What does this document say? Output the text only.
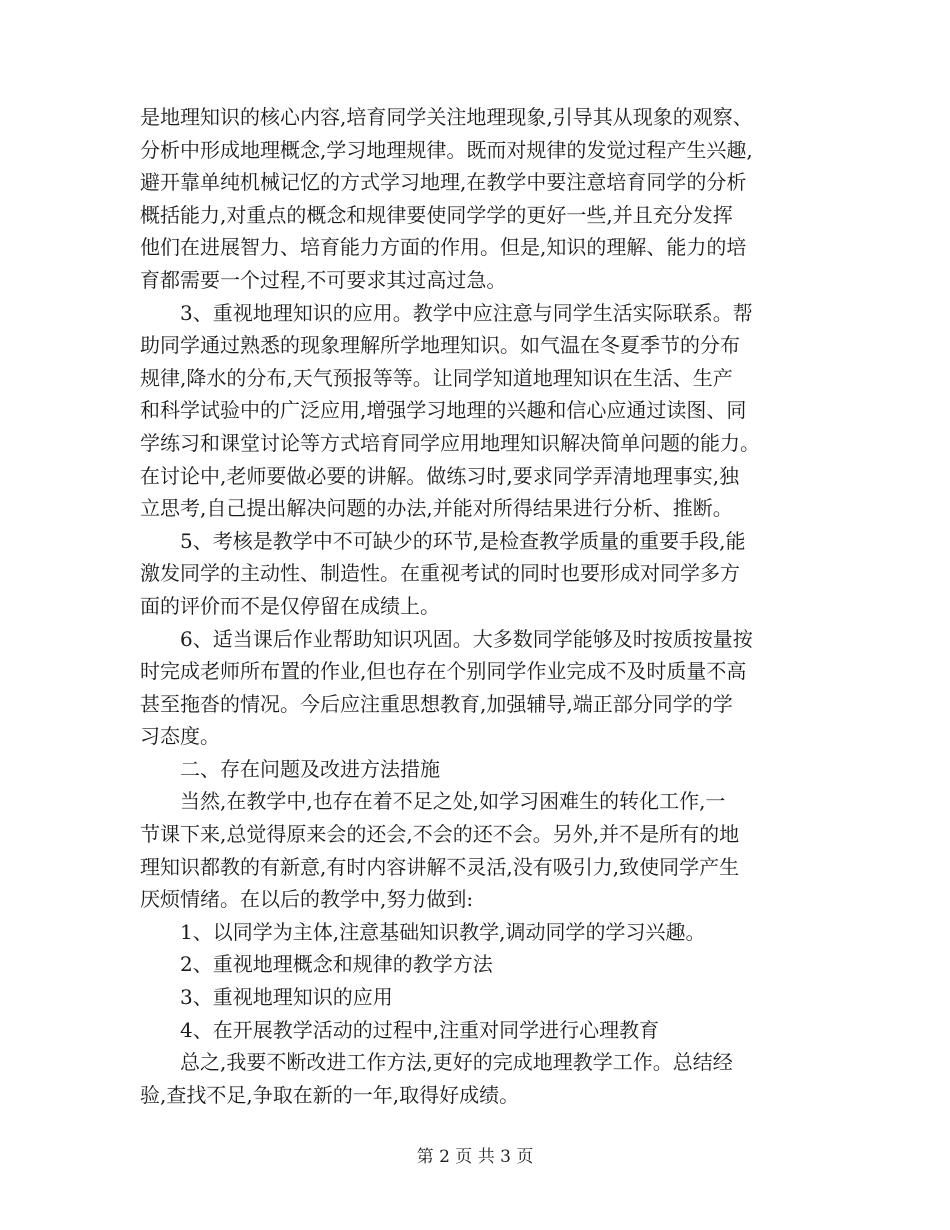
是地理知识的核心内容,培育同学关注地理现象,引导其从现象的观察、
分析中形成地理概念,学习地理规律。既而对规律的发觉过程产生兴趣,
避开靠单纯机械记忆的方式学习地理,在教学中要注意培育同学的分析
概括能力,对重点的概念和规律要使同学学的更好一些,并且充分发挥
他们在进展智力、培育能力方面的作用。但是,知识的理解、能力的培
育都需要一个过程,不可要求其过高过急。
3、重视地理知识的应用。教学中应注意与同学生活实际联系。帮
助同学通过熟悉的现象理解所学地理知识。如气温在冬夏季节的分布
规律,降水的分布,天气预报等等。让同学知道地理知识在生活、生产
和科学试验中的广泛应用,增强学习地理的兴趣和信心应通过读图、同
学练习和课堂讨论等方式培育同学应用地理知识解决简单问题的能力。
在讨论中,老师要做必要的讲解。做练习时,要求同学弄清地理事实,独
立思考,自己提出解决问题的办法,并能对所得结果进行分析、推断。
5、考核是教学中不可缺少的环节,是检查教学质量的重要手段,能
激发同学的主动性、制造性。在重视考试的同时也要形成对同学多方
面的评价而不是仅停留在成绩上。
6、适当课后作业帮助知识巩固。大多数同学能够及时按质按量按
时完成老师所布置的作业,但也存在个别同学作业完成不及时质量不高
甚至拖沓的情况。今后应注重思想教育,加强辅导,端正部分同学的学
习态度。
二、存在问题及改进方法措施
当然,在教学中,也存在着不足之处,如学习困难生的转化工作,一
节课下来,总觉得原来会的还会,不会的还不会。另外,并不是所有的地
理知识都教的有新意,有时内容讲解不灵活,没有吸引力,致使同学产生
厌烦情绪。在以后的教学中,努力做到:
1、以同学为主体,注意基础知识教学,调动同学的学习兴趣。
2、重视地理概念和规律的教学方法
3、重视地理知识的应用
4、在开展教学活动的过程中,注重对同学进行心理教育
总之,我要不断改进工作方法,更好的完成地理教学工作。总结经
验,查找不足,争取在新的一年,取得好成绩。
第 2 页 共 3 页
